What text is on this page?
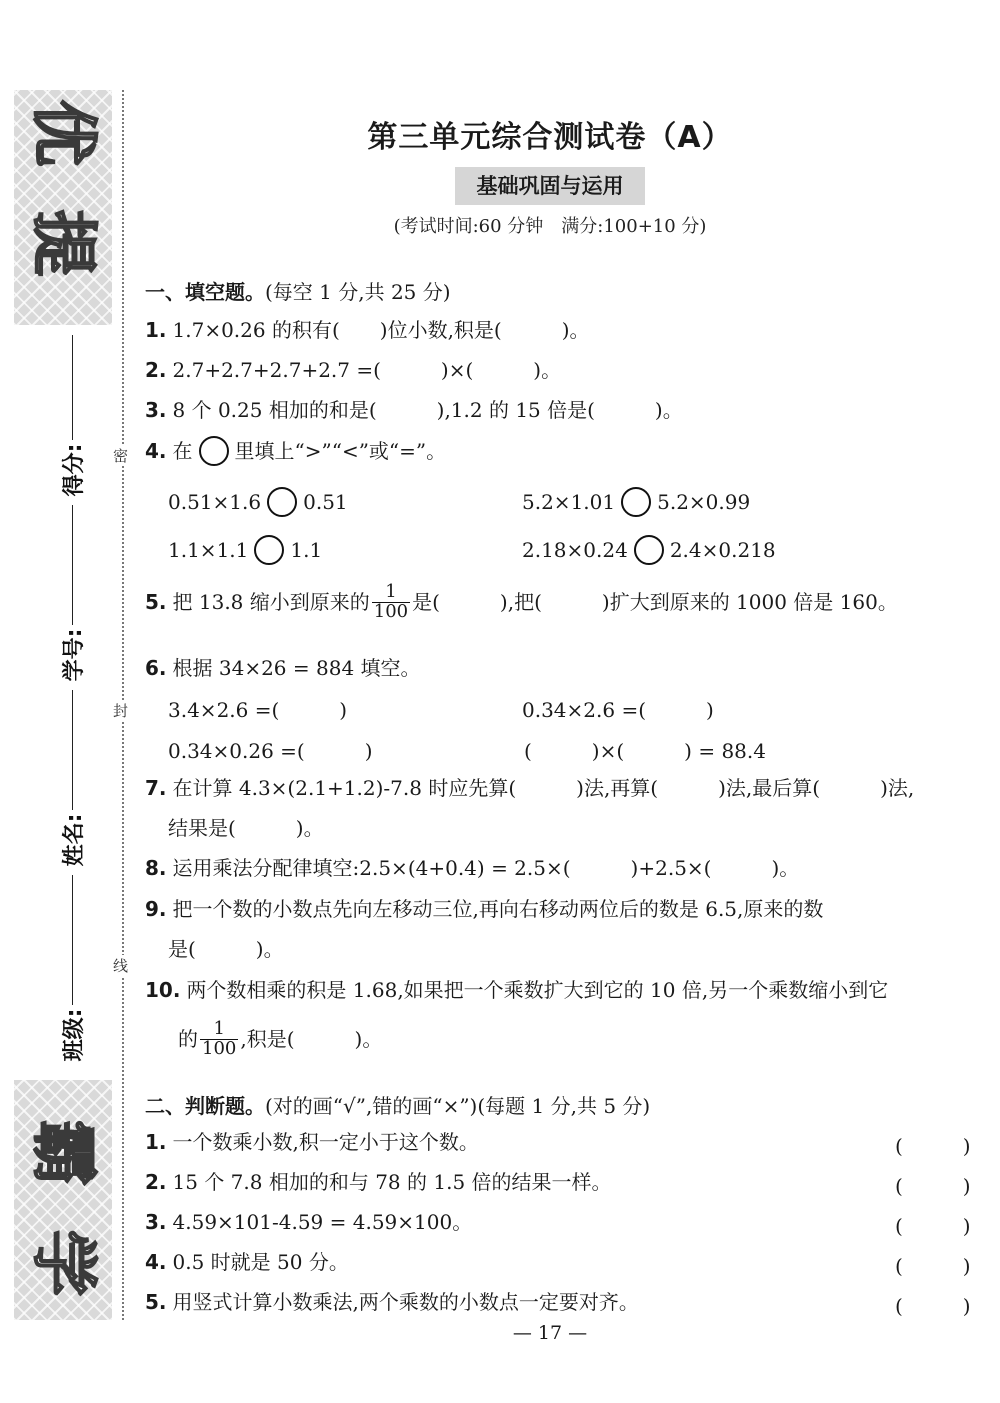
优
提
霸
学
密
封
线
得分:
学号:
姓名:
班级:
第三单元综合测试卷（A）
基础巩固与运用
(考试时间:60 分钟　满分:100+10 分)
一、填空题。(每空 1 分,共 25 分)
1. 1.7×0.26 的积有(　　)位小数,积是(　　　)。
2. 2.7+2.7+2.7+2.7 =(　　　)×(　　　)。
3. 8 个 0.25 相加的和是(　　　),1.2 的 15 倍是(　　　)。
4. 在 里填上“>”“<”或“=”。
0.51×1.6 0.51	5.2×1.01 5.2×0.99
1.1×1.1 1.1	2.18×0.24 2.4×0.218
5. 把 13.8 缩小到原来的 $\frac{1}{100}$ 是(　　　),把(　　　)扩大到原来的 1000 倍是 160。
6. 根据 34×26 = 884 填空。
3.4×2.6 =(　　　)	0.34×2.6 =(　　　)
0.34×0.26 =(　　　)	(　　　)×(　　　) = 88.4
7. 在计算 4.3×(2.1+1.2)-7.8 时应先算(　　　)法,再算(　　　)法,最后算(　　　)法,
结果是(　　　)。
8. 运用乘法分配律填空:2.5×(4+0.4) = 2.5×(　　　)+2.5×(　　　)。
9. 把一个数的小数点先向左移动三位,再向右移动两位后的数是 6.5,原来的数
是(　　　)。
10. 两个数相乘的积是 1.68,如果把一个乘数扩大到它的 10 倍,另一个乘数缩小到它
的 $\frac{1}{100}$ ,积是(　　　)。
二、判断题。(对的画“√”,错的画“×”)(每题 1 分,共 5 分)
1. 一个数乘小数,积一定小于这个数。	(　　　)
2. 15 个 7.8 相加的和与 78 的 1.5 倍的结果一样。	(　　　)
3. 4.59×101-4.59 = 4.59×100。	(　　　)
4. 0.5 时就是 50 分。	(　　　)
5. 用竖式计算小数乘法,两个乘数的小数点一定要对齐。	(　　　)
— 17 —
